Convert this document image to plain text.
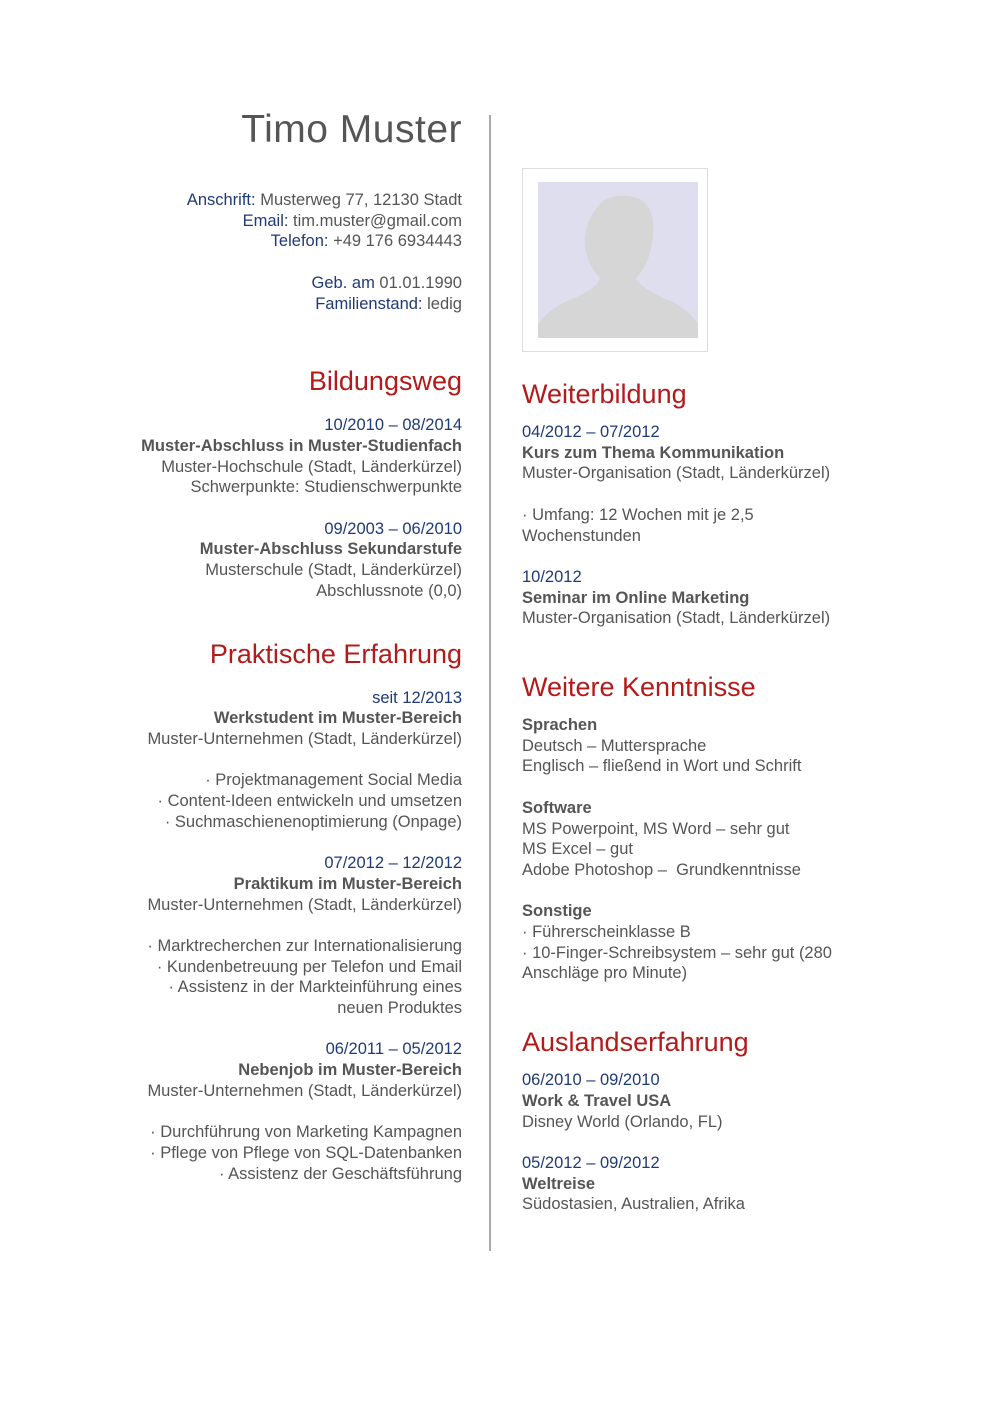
Timo Muster
Anschrift: Musterweg 77, 12130 Stadt
Email: tim.muster@gmail.com
Telefon: +49 176 6934443
Geb. am 01.01.1990
Familienstand: ledig
Bildungsweg
10/2010 – 08/2014
Muster-Abschluss in Muster-Studienfach
Muster-Hochschule (Stadt, Länderkürzel)
Schwerpunkte: Studienschwerpunkte
09/2003 – 06/2010
Muster-Abschluss Sekundarstufe
Musterschule (Stadt, Länderkürzel)
Abschlussnote (0,0)
Praktische Erfahrung
seit 12/2013
Werkstudent im Muster-Bereich
Muster-Unternehmen (Stadt, Länderkürzel)
· Projektmanagement Social Media
· Content-Ideen entwickeln und umsetzen
· Suchmaschienenoptimierung (Onpage)
07/2012 – 12/2012
Praktikum im Muster-Bereich
Muster-Unternehmen (Stadt, Länderkürzel)
· Marktrecherchen zur Internationalisierung
· Kundenbetreuung per Telefon und Email
· Assistenz in der Markteinführung eines
neuen Produktes
06/2011 – 05/2012
Nebenjob im Muster-Bereich
Muster-Unternehmen (Stadt, Länderkürzel)
· Durchführung von Marketing Kampagnen
· Pflege von Pflege von SQL-Datenbanken
· Assistenz der Geschäftsführung
Weiterbildung
04/2012 – 07/2012
Kurs zum Thema Kommunikation
Muster-Organisation (Stadt, Länderkürzel)
· Umfang: 12 Wochen mit je 2,5 Wochenstunden
10/2012
Seminar im Online Marketing
Muster-Organisation (Stadt, Länderkürzel)
Weitere Kenntnisse
Sprachen
Deutsch – Muttersprache
Englisch – fließend in Wort und Schrift
Software
MS Powerpoint, MS Word – sehr gut
MS Excel – gut
Adobe Photoshop –  Grundkenntnisse
Sonstige
· Führerscheinklasse B
· 10-Finger-Schreibsystem – sehr gut (280 Anschläge pro Minute)
Auslandserfahrung
06/2010 – 09/2010
Work & Travel USA
Disney World (Orlando, FL)
05/2012 – 09/2012
Weltreise
Südostasien, Australien, Afrika
